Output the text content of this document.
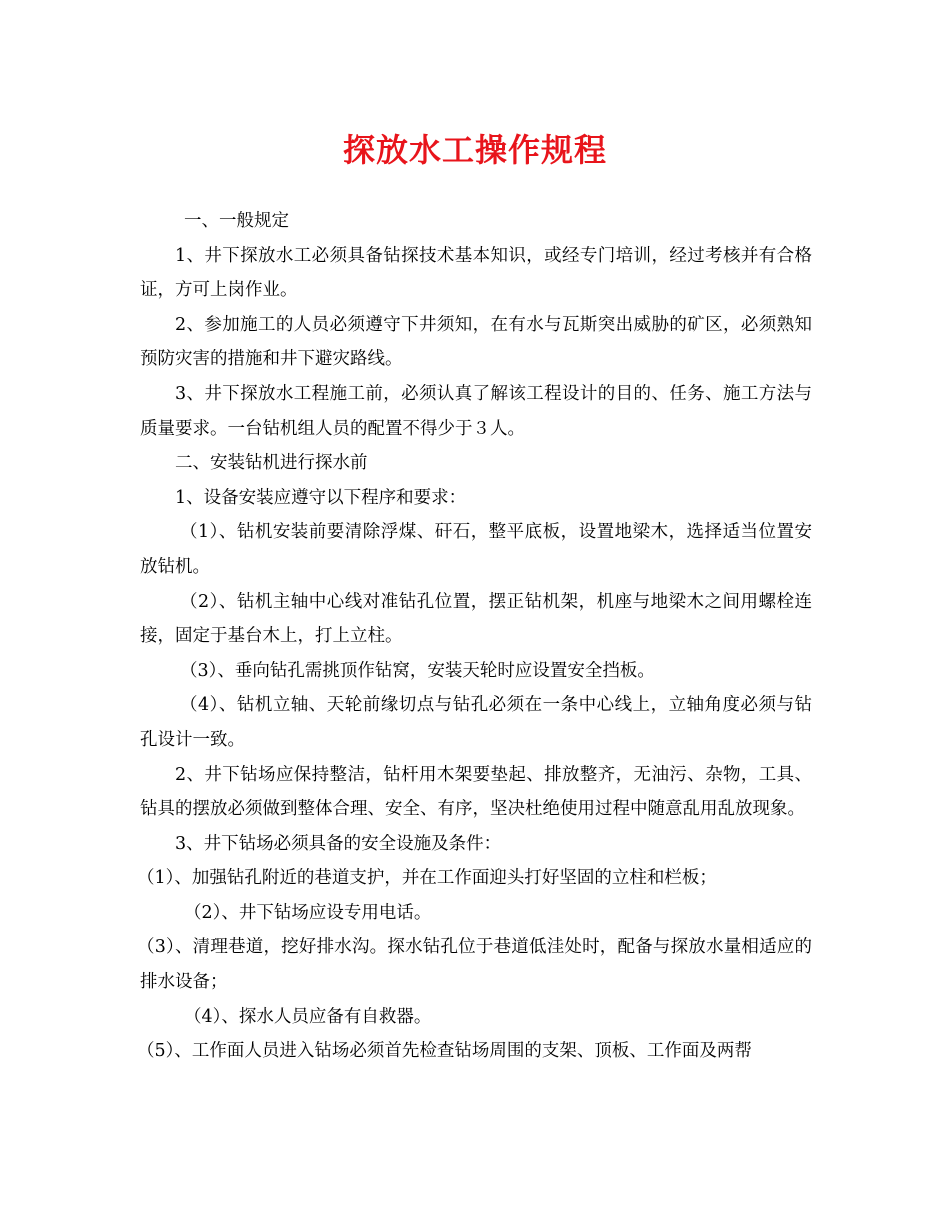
探放水工操作规程

一、一般规定

1、井下探放水工必须具备钻探技术基本知识，或经专门培训，经过考核并有合格证，方可上岗作业。

2、参加施工的人员必须遵守下井须知，在有水与瓦斯突出威胁的矿区，必须熟知预防灾害的措施和井下避灾路线。

3、井下探放水工程施工前，必须认真了解该工程设计的目的、任务、施工方法与质量要求。一台钻机组人员的配置不得少于３人。

二、安装钻机进行探水前

1、设备安装应遵守以下程序和要求：

（1）、钻机安装前要清除浮煤、矸石，整平底板，设置地梁木，选择适当位置安放钻机。

（2）、钻机主轴中心线对准钻孔位置，摆正钻机架，机座与地梁木之间用螺栓连接，固定于基台木上，打上立柱。

（3）、垂向钻孔需挑顶作钻窝，安装天轮时应设置安全挡板。

（4）、钻机立轴、天轮前缘切点与钻孔必须在一条中心线上，立轴角度必须与钻孔设计一致。

2、井下钻场应保持整洁，钻杆用木架要垫起、排放整齐，无油污、杂物，工具、钻具的摆放必须做到整体合理、安全、有序，坚决杜绝使用过程中随意乱用乱放现象。

3、井下钻场必须具备的安全设施及条件：

（1）、加强钻孔附近的巷道支护，并在工作面迎头打好坚固的立柱和栏板；

（2）、井下钻场应设专用电话。

（3）、清理巷道，挖好排水沟。探水钻孔位于巷道低洼处时，配备与探放水量相适应的排水设备；

（4）、探水人员应备有自救器。

（5）、工作面人员进入钻场必须首先检查钻场周围的支架、顶板、工作面及两帮
